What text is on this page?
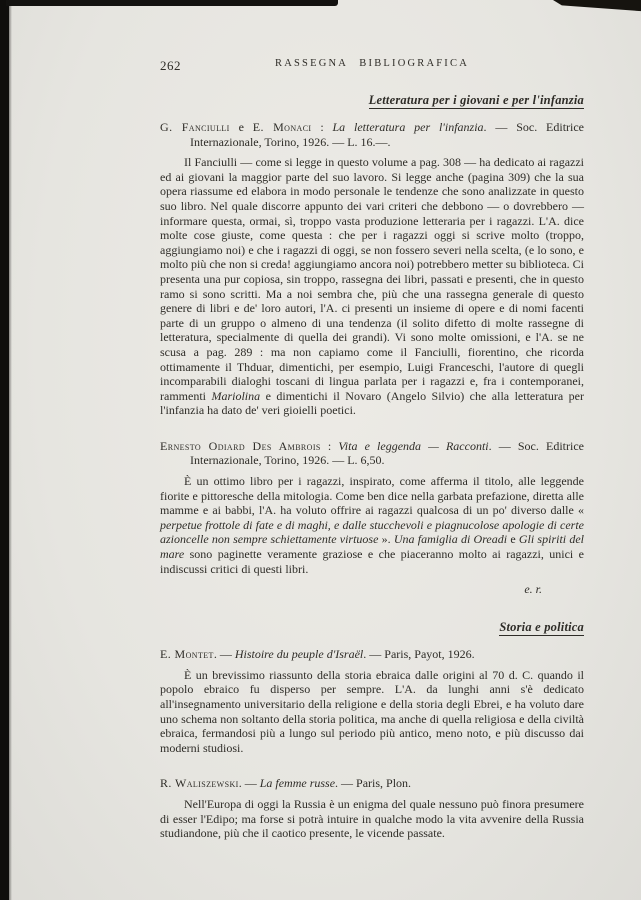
262	RASSEGNA BIBLIOGRAFICA
Letteratura per i giovani e per l'infanzia

G. Fanciulli e E. Monaci : La letteratura per l'infanzia. — Soc. Editrice Internazionale, Torino, 1926. — L. 16.—.

Il Fanciulli — come si legge in questo volume a pag. 308 — ha dedicato ai ragazzi ed ai giovani la maggior parte del suo lavoro. Si legge anche (pagina 309) che la sua opera riassume ed elabora in modo personale le tendenze che sono analizzate in questo suo libro. Nel quale discorre appunto dei vari criteri che debbono — o dovrebbero — informare questa, ormai, sì, troppo vasta produzione letteraria per i ragazzi. L'A. dice molte cose giuste, come questa : che per i ragazzi oggi si scrive molto (troppo, aggiungiamo noi) e che i ragazzi di oggi, se non fossero severi nella scelta, (e lo sono, e molto più che non si creda! aggiungiamo ancora noi) potrebbero metter su biblioteca. Ci presenta una pur copiosa, sin troppo, rassegna dei libri, passati e presenti, che in questo ramo si sono scritti. Ma a noi sembra che, più che una rassegna generale di questo genere di libri e de' loro autori, l'A. ci presenti un insieme di opere e di nomi facenti parte di un gruppo o almeno di una tendenza (il solito difetto di molte rassegne di letteratura, specialmente di quella dei grandi). Vi sono molte omissioni, e l'A. se ne scusa a pag. 289 : ma non capiamo come il Fanciulli, fiorentino, che ricorda ottimamente il Thduar, dimentichi, per esempio, Luigi Franceschi, l'autore di quegli incomparabili dialoghi toscani di lingua parlata per i ragazzi e, fra i contemporanei, rammenti Mariolina e dimentichi il Novaro (Angelo Silvio) che alla letteratura per l'infanzia ha dato de' veri gioielli poetici.

Ernesto Odiard Des Ambrois : Vita e leggenda — Racconti. — Soc. Editrice Internazionale, Torino, 1926. — L. 6,50.

È un ottimo libro per i ragazzi, inspirato, come afferma il titolo, alle leggende fiorite e pittoresche della mitologia. Come ben dice nella garbata prefazione, diretta alle mamme e ai babbi, l'A. ha voluto offrire ai ragazzi qualcosa di un po' diverso dalle « perpetue frottole di fate e di maghi, e dalle stucchevoli e piagnucolose apologie di certe azioncelle non sempre schiettamente virtuose ». Una famiglia di Oreadi e Gli spiriti del mare sono paginette veramente graziose e che piaceranno molto ai ragazzi, unici e indiscussi critici di questi libri.

e. r.

Storia e politica

E. Montet. — Histoire du peuple d'Israël. — Paris, Payot, 1926.

È un brevissimo riassunto della storia ebraica dalle origini al 70 d. C. quando il popolo ebraico fu disperso per sempre. L'A. da lunghi anni s'è dedicato all'insegnamento universitario della religione e della storia degli Ebrei, e ha voluto dare uno schema non soltanto della storia politica, ma anche di quella religiosa e della civiltà ebraica, fermandosi più a lungo sul periodo più antico, meno noto, e più discusso dai moderni studiosi.

R. Waliszewski. — La femme russe. — Paris, Plon.

Nell'Europa di oggi la Russia è un enigma del quale nessuno può finora presumere di esser l'Edipo; ma forse si potrà intuire in qualche modo la vita avvenire della Russia studiandone, più che il caotico presente, le vicende passate.
